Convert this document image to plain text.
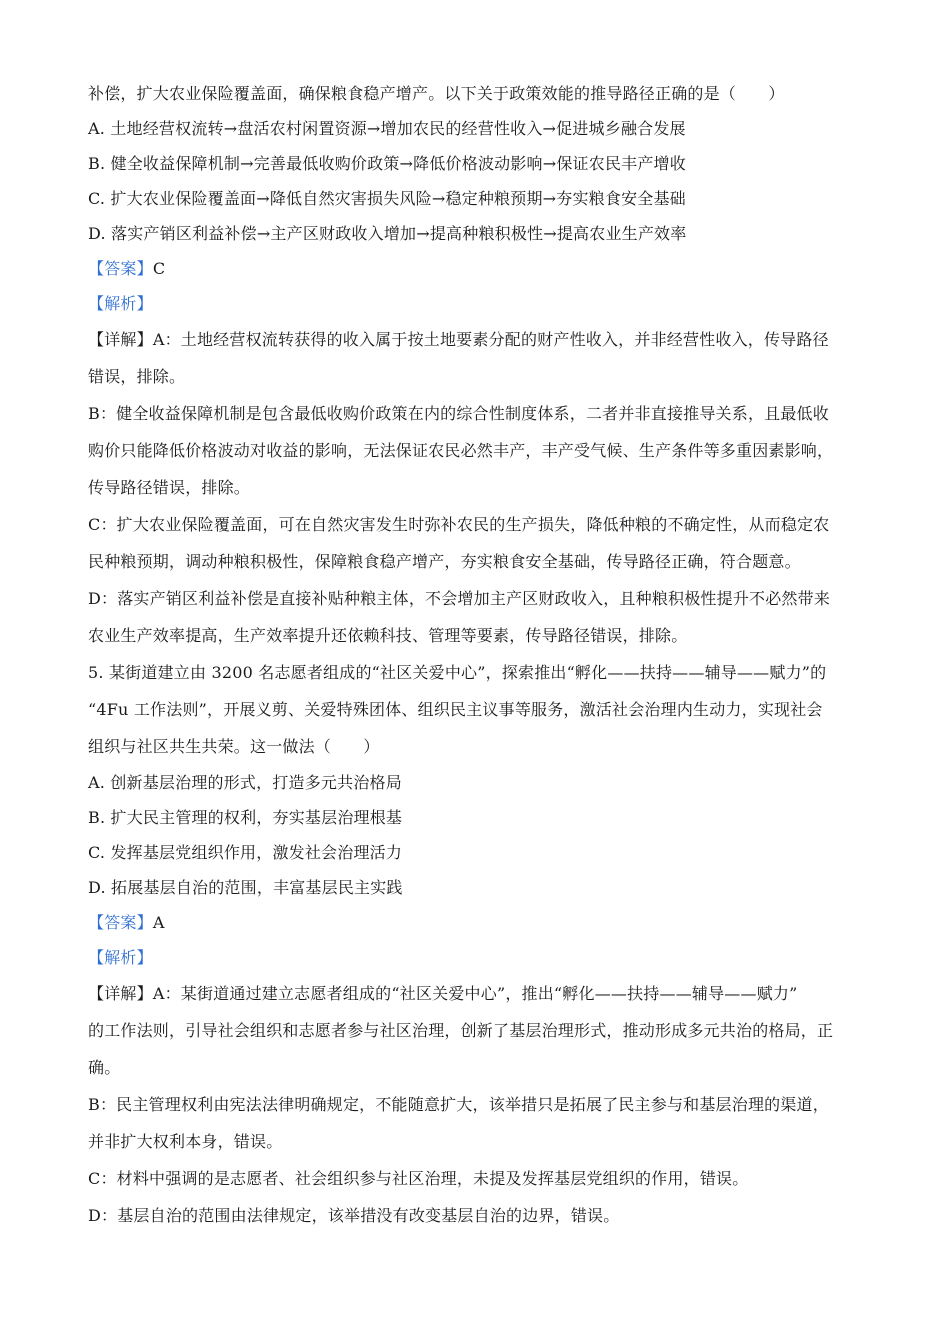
补偿，扩大农业保险覆盖面，确保粮食稳产增产。以下关于政策效能的推导路径正确的是（　　）
A. 土地经营权流转→盘活农村闲置资源→增加农民的经营性收入→促进城乡融合发展
B. 健全收益保障机制→完善最低收购价政策→降低价格波动影响→保证农民丰产增收
C. 扩大农业保险覆盖面→降低自然灾害损失风险→稳定种粮预期→夯实粮食安全基础
D. 落实产销区利益补偿→主产区财政收入增加→提高种粮积极性→提高农业生产效率
【答案】C
【解析】
【详解】A：土地经营权流转获得的收入属于按土地要素分配的财产性收入，并非经营性收入，传导路径
错误，排除。
B：健全收益保障机制是包含最低收购价政策在内的综合性制度体系，二者并非直接推导关系，且最低收
购价只能降低价格波动对收益的影响，无法保证农民必然丰产，丰产受气候、生产条件等多重因素影响，
传导路径错误，排除。
C：扩大农业保险覆盖面，可在自然灾害发生时弥补农民的生产损失，降低种粮的不确定性，从而稳定农
民种粮预期，调动种粮积极性，保障粮食稳产增产，夯实粮食安全基础，传导路径正确，符合题意。
D：落实产销区利益补偿是直接补贴种粮主体，不会增加主产区财政收入，且种粮积极性提升不必然带来
农业生产效率提高，生产效率提升还依赖科技、管理等要素，传导路径错误，排除。
5. 某街道建立由 3200 名志愿者组成的“社区关爱中心”，探索推出“孵化——扶持——辅导——赋力”的
“4Fu 工作法则”，开展义剪、关爱特殊团体、组织民主议事等服务，激活社会治理内生动力，实现社会
组织与社区共生共荣。这一做法（　　）
A. 创新基层治理的形式，打造多元共治格局
B. 扩大民主管理的权利，夯实基层治理根基
C. 发挥基层党组织作用，激发社会治理活力
D. 拓展基层自治的范围，丰富基层民主实践
【答案】A
【解析】
【详解】A：某街道通过建立志愿者组成的“社区关爱中心”，推出“孵化——扶持——辅导——赋力”
的工作法则，引导社会组织和志愿者参与社区治理，创新了基层治理形式，推动形成多元共治的格局，正
确。
B：民主管理权利由宪法法律明确规定，不能随意扩大，该举措只是拓展了民主参与和基层治理的渠道，
并非扩大权利本身，错误。
C：材料中强调的是志愿者、社会组织参与社区治理，未提及发挥基层党组织的作用，错误。
D：基层自治的范围由法律规定，该举措没有改变基层自治的边界，错误。
